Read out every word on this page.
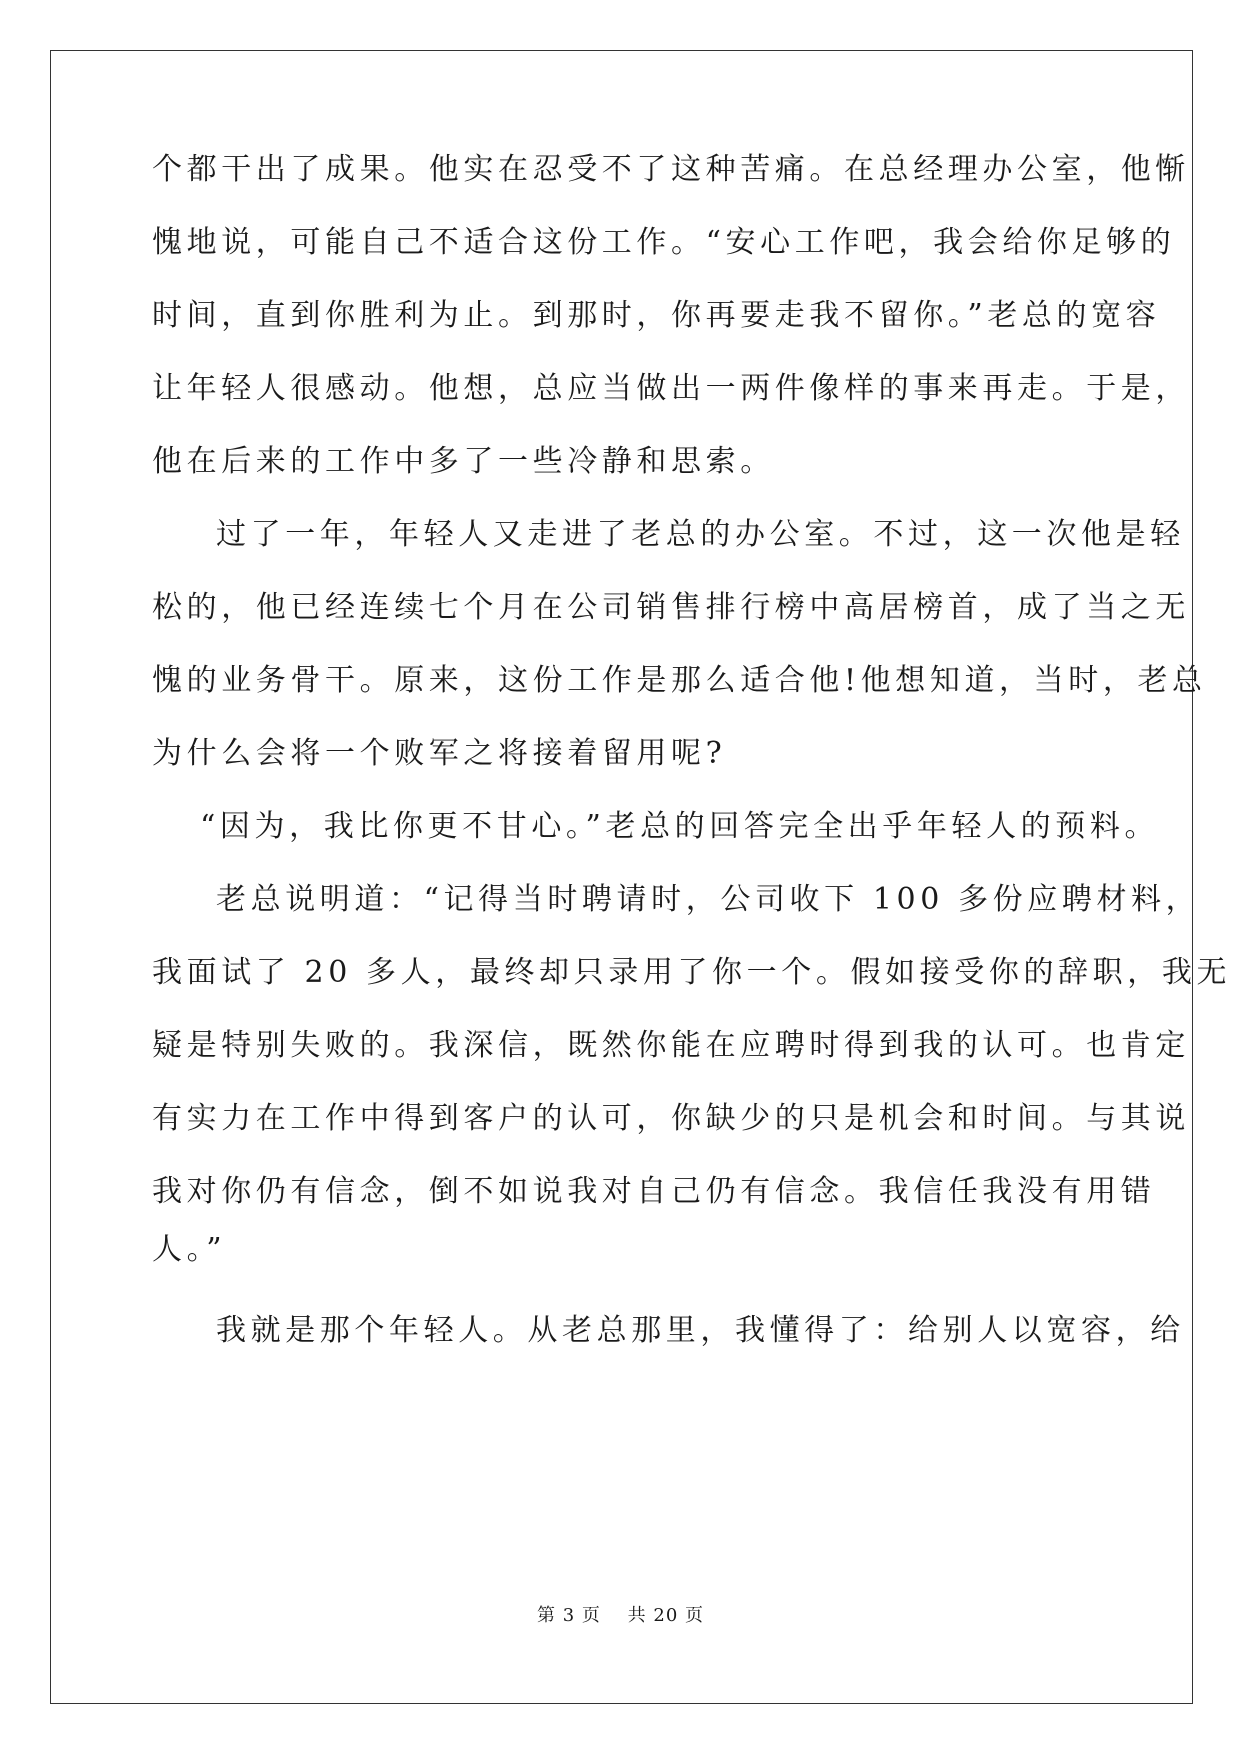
个都干出了成果。他实在忍受不了这种苦痛。在总经理办公室，他惭
愧地说，可能自己不适合这份工作。“安心工作吧，我会给你足够的
时间，直到你胜利为止。到那时，你再要走我不留你。”老总的宽容
让年轻人很感动。他想，总应当做出一两件像样的事来再走。于是，
他在后来的工作中多了一些冷静和思索。
过了一年，年轻人又走进了老总的办公室。不过，这一次他是轻
松的，他已经连续七个月在公司销售排行榜中高居榜首，成了当之无
愧的业务骨干。原来，这份工作是那么适合他!他想知道，当时，老总
为什么会将一个败军之将接着留用呢?
“因为，我比你更不甘心。”老总的回答完全出乎年轻人的预料。
老总说明道：“记得当时聘请时，公司收下 100 多份应聘材料，
我面试了 20 多人，最终却只录用了你一个。假如接受你的辞职，我无
疑是特别失败的。我深信，既然你能在应聘时得到我的认可。也肯定
有实力在工作中得到客户的认可，你缺少的只是机会和时间。与其说
我对你仍有信念，倒不如说我对自己仍有信念。我信任我没有用错
人。”
我就是那个年轻人。从老总那里，我懂得了：给别人以宽容，给
第 3 页 共 20 页
